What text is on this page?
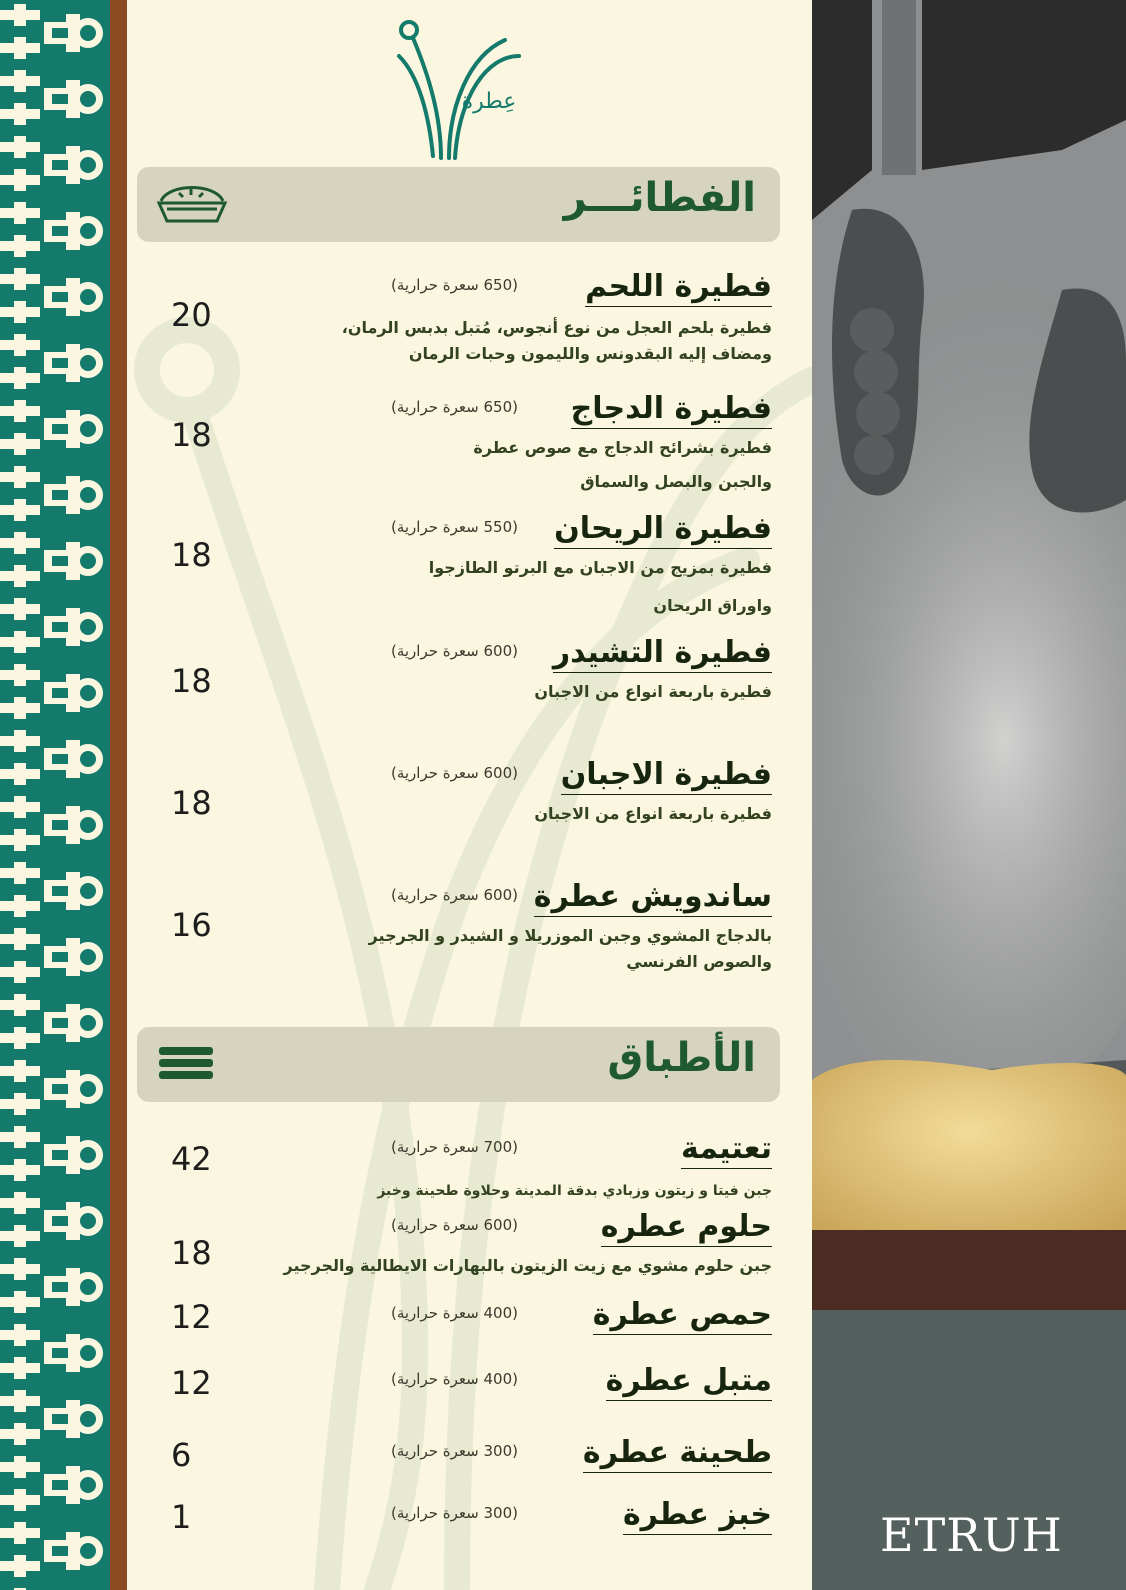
عِطرة
الفطائـــر
فطيرة اللحم
(650 سعرة حرارية)
فطيرة بلحم العجل من نوع أنجوس، مُتبل بدبس الرمان،
ومضاف إليه البقدونس والليمون وحبات الرمان
20
فطيرة الدجاج
(650 سعرة حرارية)
فطيرة بشرائح الدجاج مع صوص عطرة
والجبن والبصل والسماق
18
فطيرة الريحان
(550 سعرة حرارية)
فطيرة بمزيج من الاجبان مع البرتو الطازجوا
واوراق الريحان
18
فطيرة التشيدر
(600 سعرة حرارية)
فطيرة باربعة انواع من الاجبان
18
فطيرة الاجبان
(600 سعرة حرارية)
فطيرة باربعة انواع من الاجبان
18
ساندويش عطرة
(600 سعرة حرارية)
بالدجاج المشوي وجبن الموزريلا و الشيدر و الجرجير
والصوص الفرنسي
16
الأطباق
تعتيمة
(700 سعرة حرارية)
جبن فيتا و زيتون وزبادي بدقة المدينة وحلاوة طحينة وخبز
42
حلوم عطره
(600 سعرة حرارية)
جبن حلوم مشوي مع زيت الزيتون بالبهارات الايطالية والجرجير
18
حمص عطرة
(400 سعرة حرارية)
12
متبل عطرة
(400 سعرة حرارية)
12
طحينة عطرة
(300 سعرة حرارية)
6
خبز عطرة
(300 سعرة حرارية)
1	ETRUH
